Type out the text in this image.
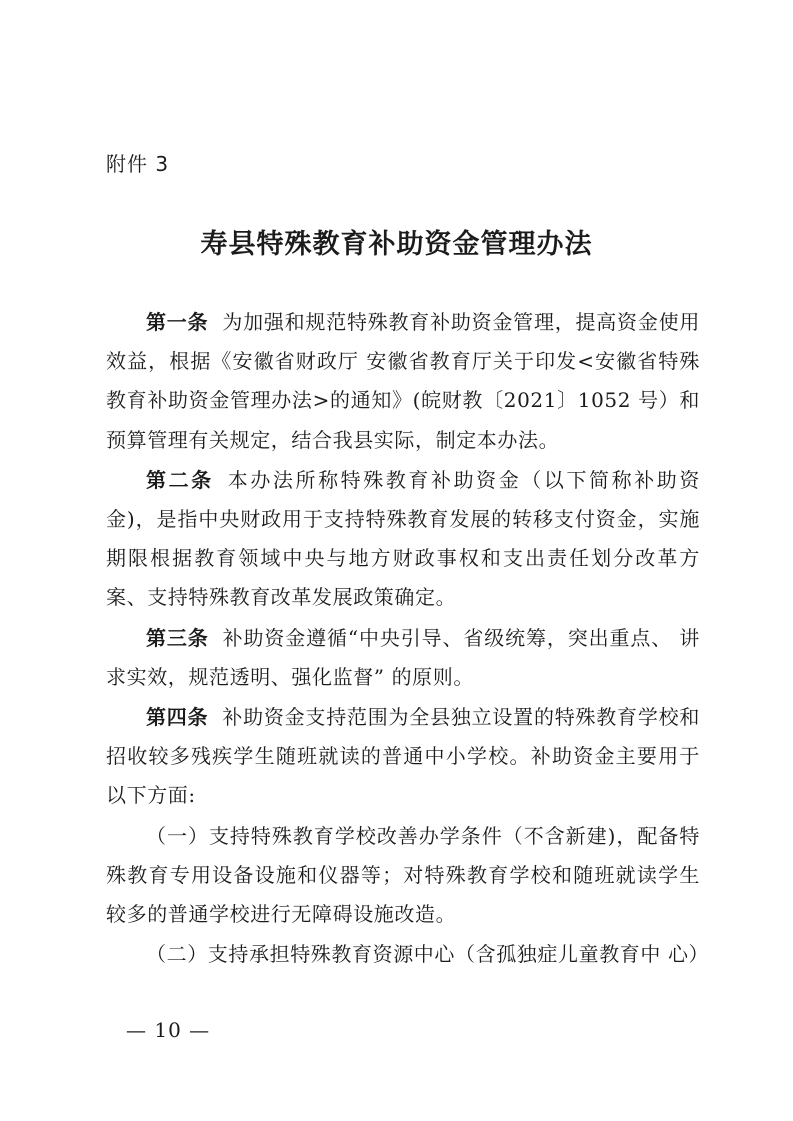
附件 3
寿县特殊教育补助资金管理办法

第一条 为加强和规范特殊教育补助资金管理，提高资金使用效益，根据《安徽省财政厅 安徽省教育厅关于印发<安徽省特殊教育补助资金管理办法>的通知》(皖财教〔2021〕1052 号）和预算管理有关规定，结合我县实际，制定本办法。

第二条 本办法所称特殊教育补助资金（以下简称补助资金)，是指中央财政用于支持特殊教育发展的转移支付资金，实施期限根据教育领域中央与地方财政事权和支出责任划分改革方案、支持特殊教育改革发展政策确定。

第三条 补助资金遵循“中央引导、省级统筹，突出重点、 讲求实效，规范透明、强化监督” 的原则。

第四条 补助资金支持范围为全县独立设置的特殊教育学校和招收较多残疾学生随班就读的普通中小学校。补助资金主要用于以下方面:

（一）支持特殊教育学校改善办学条件（不含新建)，配备特殊教育专用设备设施和仪器等；对特殊教育学校和随班就读学生较多的普通学校进行无障碍设施改造。

（二）支持承担特殊教育资源中心（含孤独症儿童教育中 心）

— 10 —
